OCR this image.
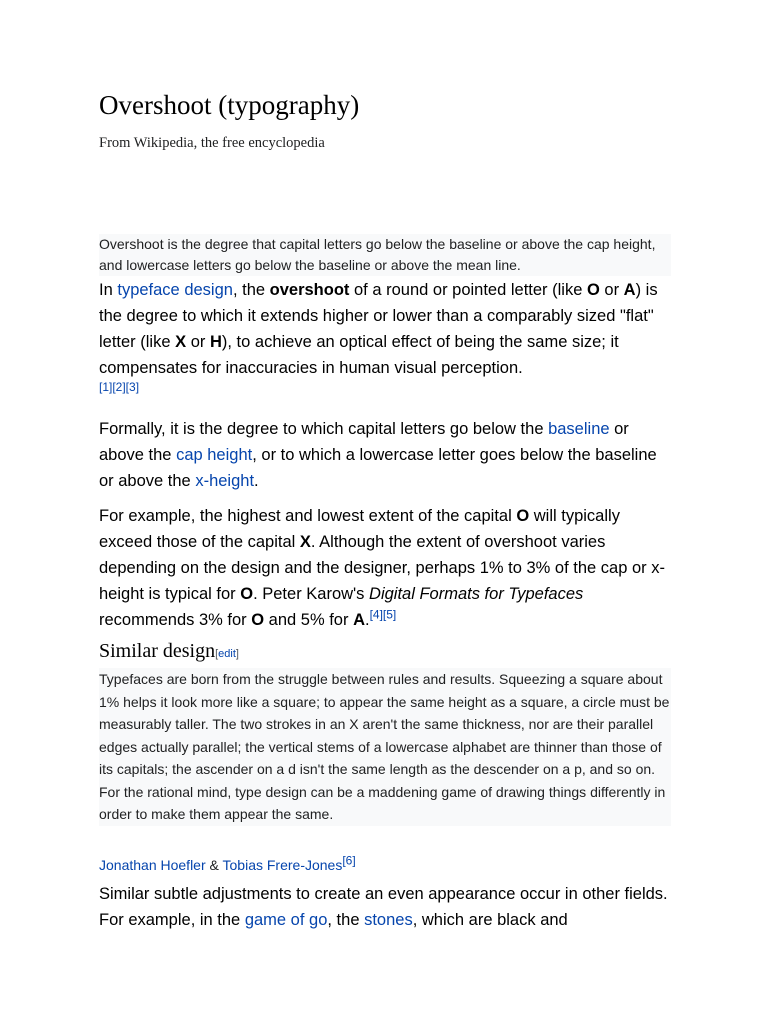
Overshoot (typography)
From Wikipedia, the free encyclopedia
Overshoot is the degree that capital letters go below the baseline or above the cap height, and lowercase letters go below the baseline or above the mean line.
In typeface design, the overshoot of a round or pointed letter (like O or A) is the degree to which it extends higher or lower than a comparably sized "flat" letter (like X or H), to achieve an optical effect of being the same size; it compensates for inaccuracies in human visual perception.
[1][2][3]
Formally, it is the degree to which capital letters go below the baseline or above the cap height, or to which a lowercase letter goes below the baseline or above the x-height.
For example, the highest and lowest extent of the capital O will typically exceed those of the capital X. Although the extent of overshoot varies depending on the design and the designer, perhaps 1% to 3% of the cap or x-height is typical for O. Peter Karow's Digital Formats for Typefaces recommends 3% for O and 5% for A.[4][5]
Similar design[edit]
Typefaces are born from the struggle between rules and results. Squeezing a square about 1% helps it look more like a square; to appear the same height as a square, a circle must be measurably taller. The two strokes in an X aren't the same thickness, nor are their parallel edges actually parallel; the vertical stems of a lowercase alphabet are thinner than those of its capitals; the ascender on a d isn't the same length as the descender on a p, and so on. For the rational mind, type design can be a maddening game of drawing things differently in order to make them appear the same.
Jonathan Hoefler & Tobias Frere-Jones[6]
Similar subtle adjustments to create an even appearance occur in other fields. For example, in the game of go, the stones, which are black and
